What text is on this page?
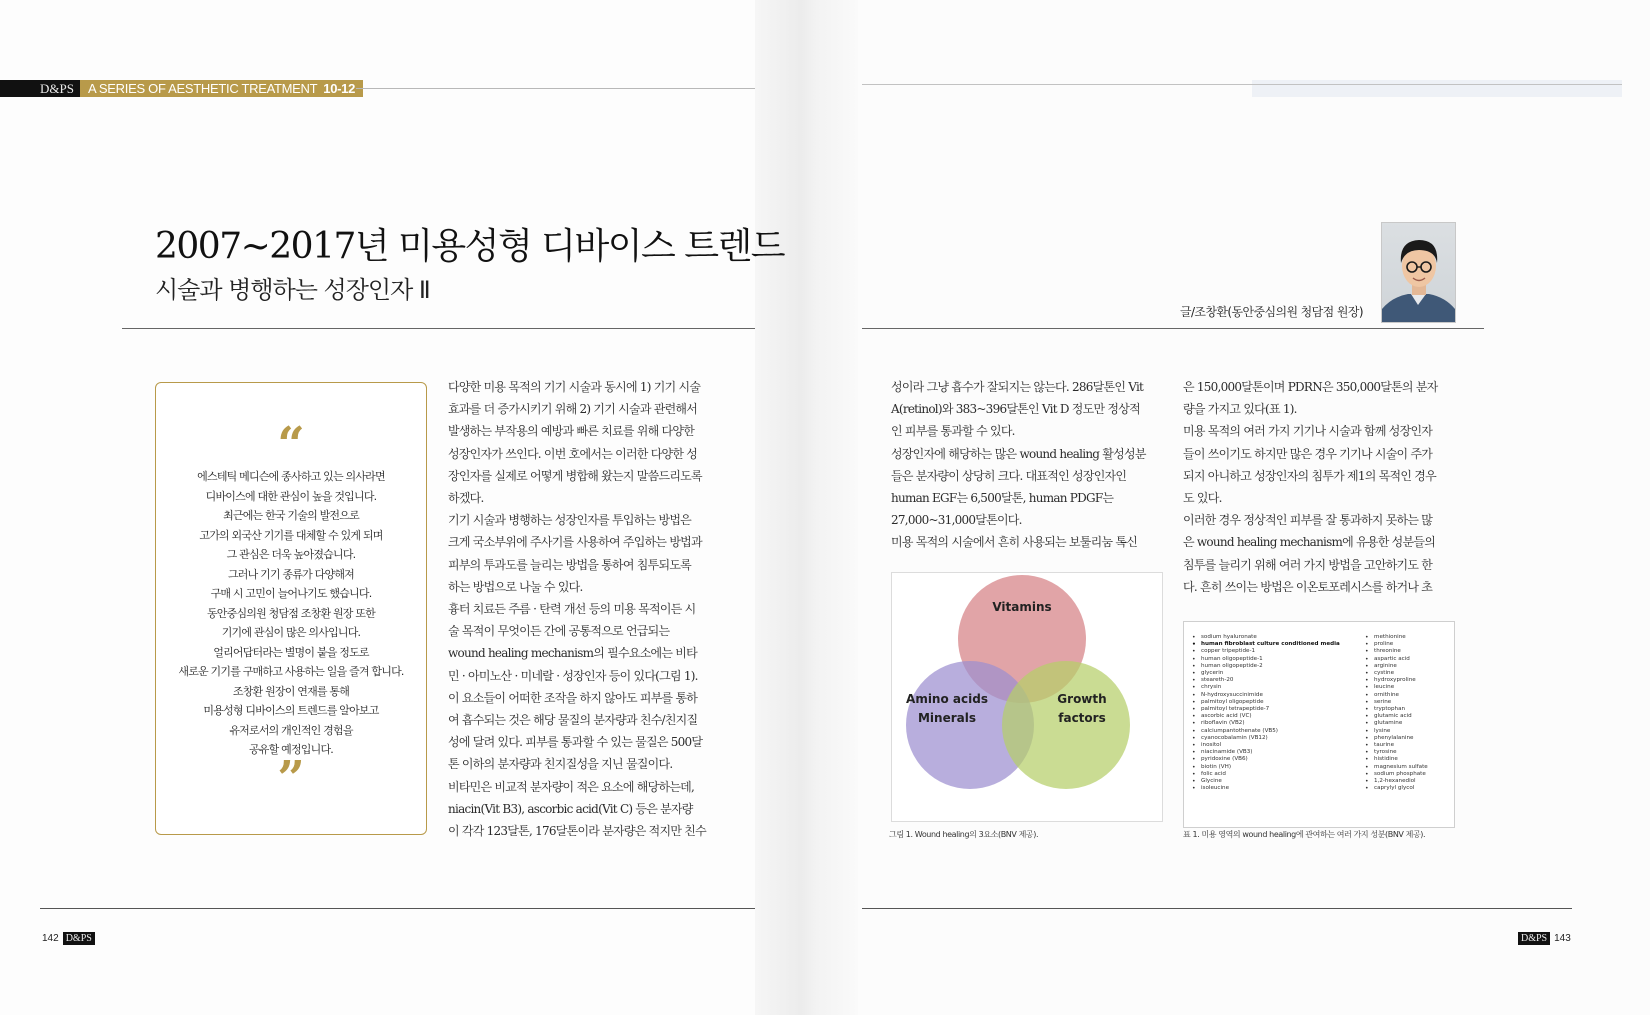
D&PS	A SERIES OF AESTHETIC TREATMENT 10-12
2007~2017년 미용성형 디바이스 트렌드
시술과 병행하는 성장인자 Ⅱ
글/조창환(동안중심의원 청담점 원장)
“
에스테틱 메디슨에 종사하고 있는 의사라면
디바이스에 대한 관심이 높을 것입니다.
최근에는 한국 기술의 발전으로
고가의 외국산 기기를 대체할 수 있게 되며
그 관심은 더욱 높아졌습니다.
그러나 기기 종류가 다양해져
구매 시 고민이 늘어나기도 했습니다.
동안중심의원 청담점 조창환 원장 또한
기기에 관심이 많은 의사입니다.
얼리어답터라는 별명이 붙을 정도로
새로운 기기를 구매하고 사용하는 일을 즐겨 합니다.
조창환 원장이 연재를 통해
미용성형 디바이스의 트렌드를 알아보고
유저로서의 개인적인 경험을
공유할 예정입니다.
”
다양한 미용 목적의 기기 시술과 동시에 1) 기기 시술
효과를 더 증가시키기 위해 2) 기기 시술과 관련해서
발생하는 부작용의 예방과 빠른 치료를 위해 다양한
성장인자가 쓰인다. 이번 호에서는 이러한 다양한 성
장인자를 실제로 어떻게 병합해 왔는지 말씀드리도록
하겠다.
기기 시술과 병행하는 성장인자를 투입하는 방법은
크게 국소부위에 주사기를 사용하여 주입하는 방법과
피부의 투과도를 늘리는 방법을 통하여 침투되도록
하는 방법으로 나눌 수 있다.
흉터 치료든 주름 · 탄력 개선 등의 미용 목적이든 시
술 목적이 무엇이든 간에 공통적으로 언급되는
wound healing mechanism의 필수요소에는 비타
민 · 아미노산 · 미네랄 · 성장인자 등이 있다(그림 1).
이 요소들이 어떠한 조작을 하지 않아도 피부를 통하
여 흡수되는 것은 해당 물질의 분자량과 친수/친지질
성에 달려 있다. 피부를 통과할 수 있는 물질은 500달
톤 이하의 분자량과 친지질성을 지닌 물질이다.
비타민은 비교적 분자량이 적은 요소에 해당하는데,
niacin(Vit B3), ascorbic acid(Vit C) 등은 분자량
이 각각 123달톤, 176달톤이라 분자량은 적지만 친수
성이라 그냥 흡수가 잘되지는 않는다. 286달톤인 Vit
A(retinol)와 383~396달톤인 Vit D 정도만 정상적
인 피부를 통과할 수 있다.
성장인자에 해당하는 많은 wound healing 활성성분
들은 분자량이 상당히 크다. 대표적인 성장인자인
human EGF는 6,500달톤, human PDGF는
27,000~31,000달톤이다.
미용 목적의 시술에서 흔히 사용되는 보툴리눔 톡신
은 150,000달톤이며 PDRN은 350,000달톤의 분자
량을 가지고 있다(표 1).
미용 목적의 여러 가지 기기나 시술과 함께 성장인자
들이 쓰이기도 하지만 많은 경우 기기나 시술이 주가
되지 아니하고 성장인자의 침투가 제1의 목적인 경우
도 있다.
이러한 경우 정상적인 피부를 잘 통과하지 못하는 많
은 wound healing mechanism에 유용한 성분들의
침투를 늘리기 위해 여러 가지 방법을 고안하기도 한
다. 흔히 쓰이는 방법은 이온토포레시스를 하거나 초
Vitamins
Amino acids
Minerals
Growth
factors
그림 1. Wound healing의 3요소(BNV 제공).
• sodium hyaluronate
• human fibroblast culture conditioned media
• copper tripeptide-1
• human oligopeptide-1
• human oligopeptide-2
• glycerin
• steareth-20
• chrysin
• N-hydroxysuccinimide
• palmitoyl oligopeptide
• palmitoyl tetrapeptide-7
• ascorbic acid (VC)
• riboflavin (VB2)
• calciumpantothenate (VB5)
• cyanocobalamin (VB12)
• inositol
• niacinamide (VB3)
• pyridoxine (VB6)
• biotin (VH)
• folic acid
• Glycine
• isoleucine
• methionine
• proline
• threonine
• aspartic acid
• arginine
• cystine
• hydroxyproline
• leucine
• ornithine
• serine
• tryptophan
• glutamic acid
• glutamine
• lysine
• phenylalanine
• taurine
• tyrosine
• histidine
• magnesium sulfate
• sodium phosphate
• 1,2-hexanediol
• caprylyl glycol
표 1. 미용 영역의 wound healing에 관여하는 여러 가지 성분(BNV 제공).
142 D&PS	D&PS 143
